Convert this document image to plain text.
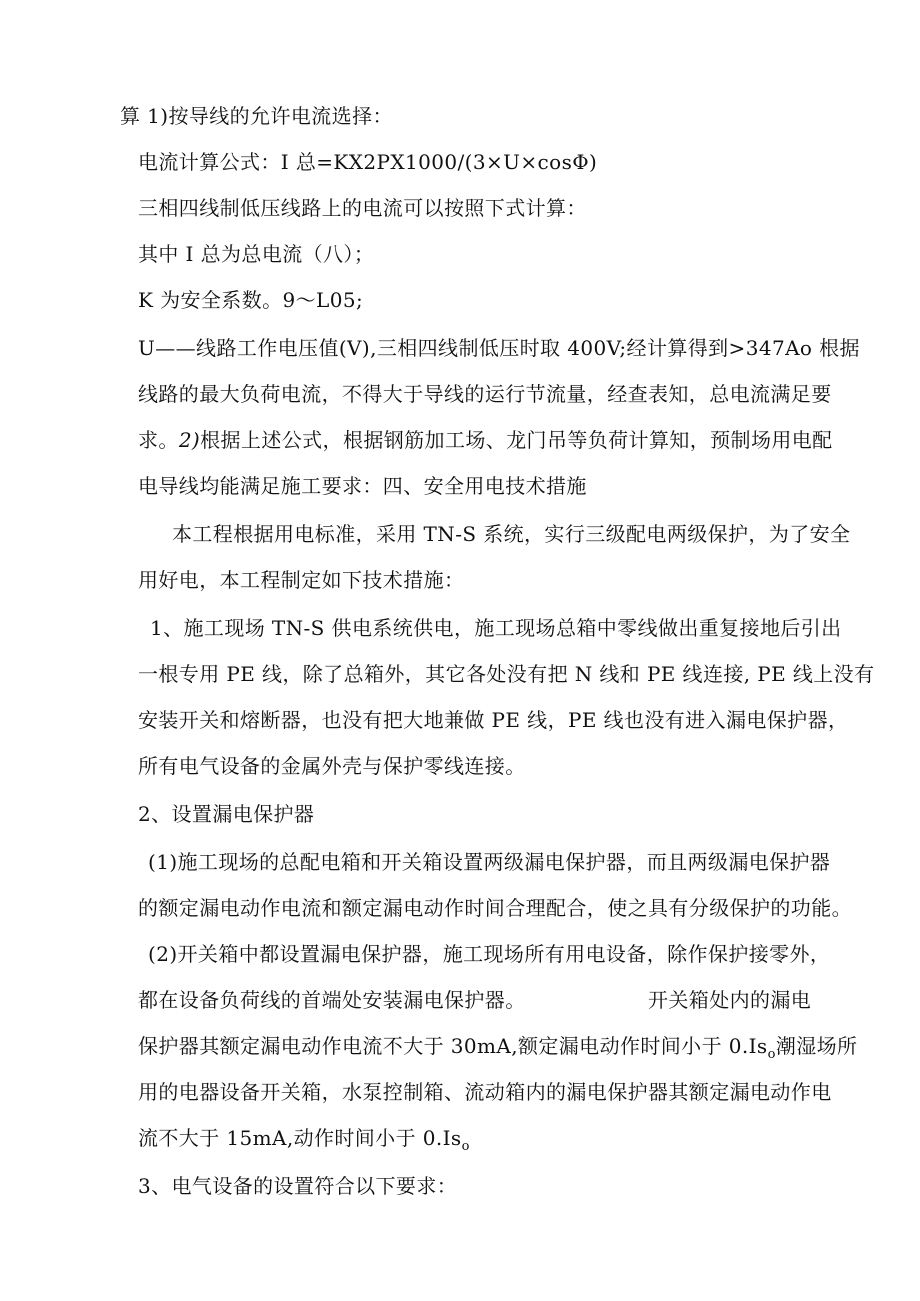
算 1)按导线的允许电流选择：
电流计算公式：I 总=KX2PX1000/(3×U×cosΦ)
三相四线制低压线路上的电流可以按照下式计算：
其中 I 总为总电流（八）；
K 为安全系数。9～L05;
U——线路工作电压值(V),三相四线制低压时取 400V;经计算得到>347Ao 根据
线路的最大负荷电流，不得大于导线的运行节流量，经查表知，总电流满足要
求。2)根据上述公式，根据钢筋加工场、龙门吊等负荷计算知，预制场用电配
电导线均能满足施工要求：四、安全用电技术措施
本工程根据用电标准，采用 TN-S 系统，实行三级配电两级保护，为了安全
用好电，本工程制定如下技术措施：
1、施工现场 TN-S 供电系统供电，施工现场总箱中零线做出重复接地后引出
一根专用 PE 线，除了总箱外，其它各处没有把 N 线和 PE 线连接, PE 线上没有
安装开关和熔断器，也没有把大地兼做 PE 线，PE 线也没有进入漏电保护器，
所有电气设备的金属外壳与保护零线连接。
2、设置漏电保护器
(1)施工现场的总配电箱和开关箱设置两级漏电保护器，而且两级漏电保护器
的额定漏电动作电流和额定漏电动作时间合理配合，使之具有分级保护的功能。
(2)开关箱中都设置漏电保护器，施工现场所有用电设备，除作保护接零外，
都在设备负荷线的首端处安装漏电保护器。	开关箱处内的漏电
保护器其额定漏电动作电流不大于 30mA,额定漏电动作时间小于 $0.Is_o$潮湿场所
用的电器设备开关箱，水泵控制箱、流动箱内的漏电保护器其额定漏电动作电
流不大于 15mA,动作时间小于 $0.Is_o$
3、电气设备的设置符合以下要求：
